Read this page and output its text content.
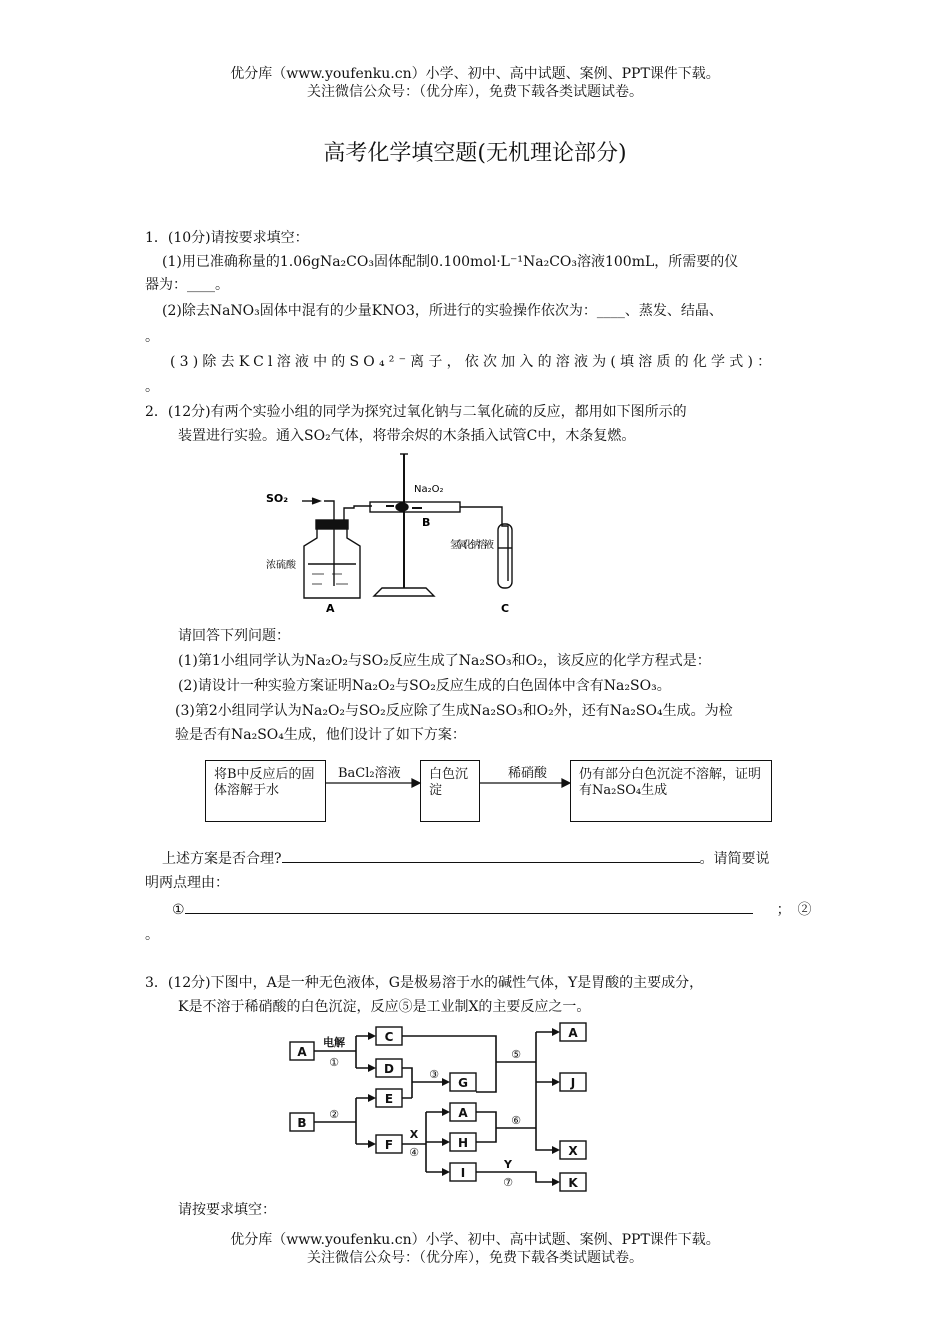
优分库（www.youfenku.cn）小学、初中、高中试题、案例、PPT课件下载。
关注微信公众号：（优分库），免费下载各类试题试卷。
高考化学填空题(无机理论部分)
1．(10分)请按要求填空：
(1)用已准确称量的1.06gNa₂CO₃固体配制0.100mol·L⁻¹Na₂CO₃溶液100mL，所需要的仪
器为：____。
(2)除去NaNO₃固体中混有的少量KNO3，所进行的实验操作依次为：____、蒸发、结晶、
。
(3)除去KCl溶液中的SO₄²⁻离子，依次加入的溶液为(填溶质的化学式)：
。
2．(12分)有两个实验小组的同学为探究过氧化钠与二氧化硫的反应，都用如下图所示的
装置进行实验。通入SO₂气体，将带余烬的木条插入试管C中，木条复燃。
SO₂
Na₂O₂
浓硫酸
氢氧化钠溶液
A
B
C
请回答下列问题：
(1)第1小组同学认为Na₂O₂与SO₂反应生成了Na₂SO₃和O₂，该反应的化学方程式是：
(2)请设计一种实验方案证明Na₂O₂与SO₂反应生成的白色固体中含有Na₂SO₃。
(3)第2小组同学认为Na₂O₂与SO₂反应除了生成Na₂SO₃和O₂外，还有Na₂SO₄生成。为检
验是否有Na₂SO₄生成，他们设计了如下方案：
将B中反应后的固体溶解于水
白色沉淀
仍有部分白色沉淀不溶解，证明有Na₂SO₄生成
BaCl₂溶液	稀硝酸
上述方案是否合理?	。请简要说
明两点理由：
①	；　②
。
3．(12分)下图中，A是一种无色液体，G是极易溶于水的碱性气体，Y是胃酸的主要成分，
K是不溶于稀硝酸的白色沉淀，反应⑤是工业制X的主要反应之一。
A
C
D
E
B
F
G
A
H
I
A
J
X
K
电解
①
②
③
X
④
⑤
⑥
Y
⑦
请按要求填空：
优分库（www.youfenku.cn）小学、初中、高中试题、案例、PPT课件下载。
关注微信公众号：（优分库），免费下载各类试题试卷。
